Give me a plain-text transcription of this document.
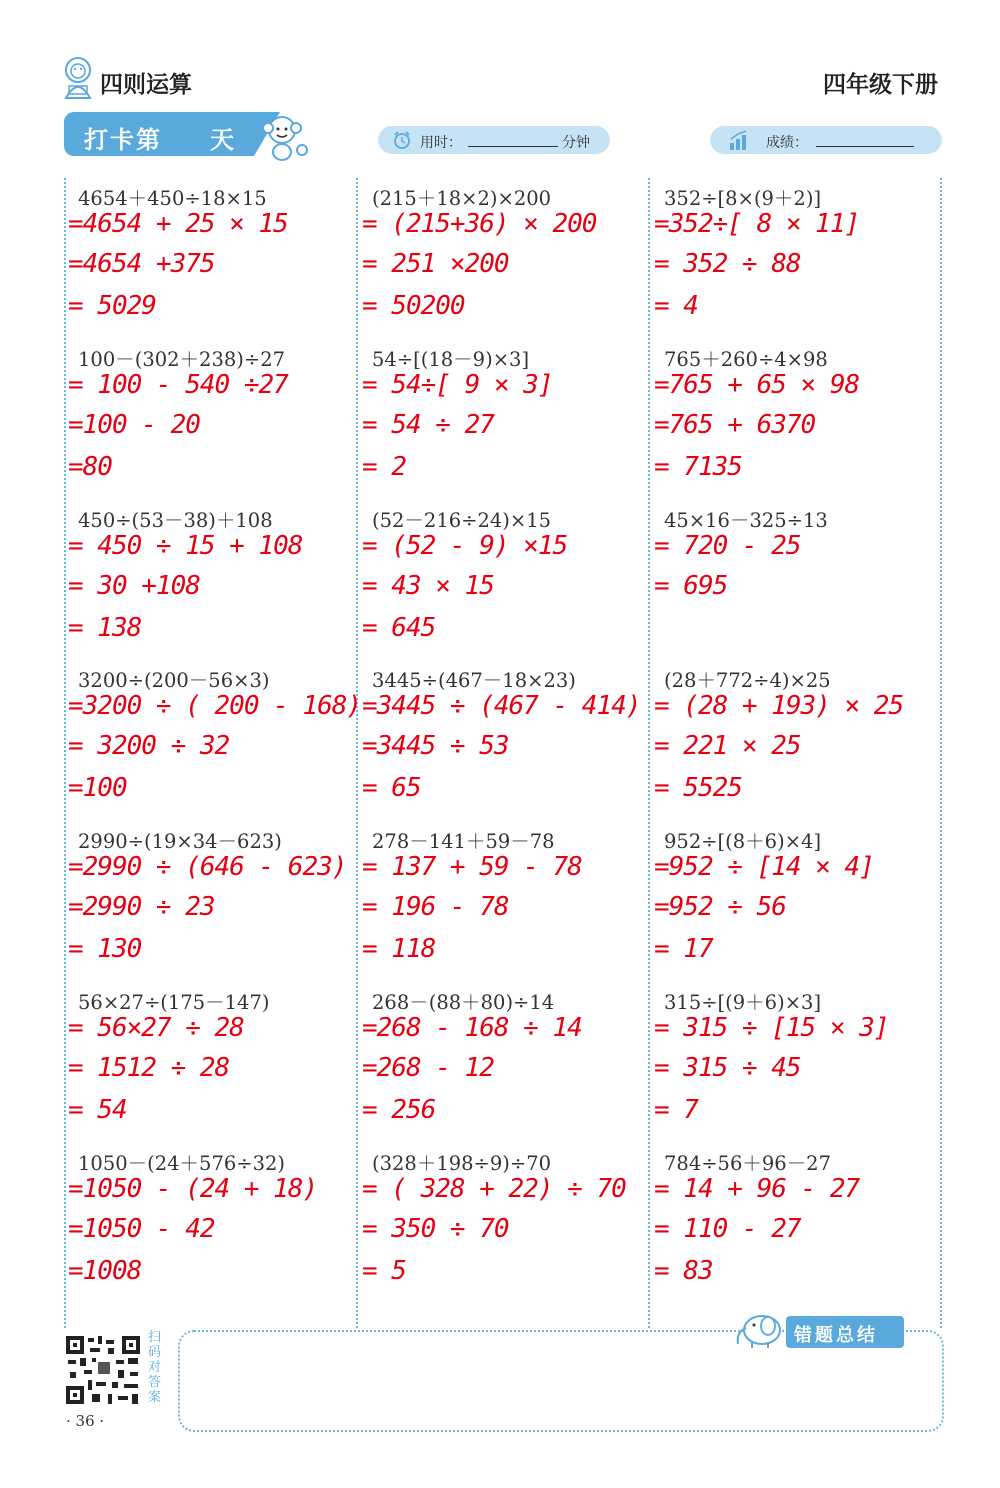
四则运算	四年级下册
打卡第 天	用时：	分钟	成绩：
4654＋450÷18×15
=4654 + 25 × 15
=4654 +375
= 5029
(215＋18×2)×200
= (215+36) × 200
= 251 ×200
= 50200
352÷[8×(9＋2)]
=352÷[ 8 × 11]
= 352 ÷ 88
= 4
100－(302＋238)÷27
= 100 - 540 ÷27
=100 - 20
=80
54÷[(18－9)×3]
= 54÷[ 9 × 3]
= 54 ÷ 27
= 2
765＋260÷4×98
=765 + 65 × 98
=765 + 6370
= 7135
450÷(53－38)＋108
= 450 ÷ 15 + 108
= 30 +108
= 138
(52－216÷24)×15
= (52 - 9) ×15
= 43 × 15
= 645
45×16－325÷13
= 720 - 25
= 695
3200÷(200－56×3)
=3200 ÷ ( 200 - 168)
= 3200 ÷ 32
=100
3445÷(467－18×23)
=3445 ÷ (467 - 414)
=3445 ÷ 53
= 65
(28＋772÷4)×25
= (28 + 193) × 25
= 221 × 25
= 5525
2990÷(19×34－623)
=2990 ÷ (646 - 623)
=2990 ÷ 23
= 130
278－141＋59－78
= 137 + 59 - 78
= 196 - 78
= 118
952÷[(8＋6)×4]
=952 ÷ [14 × 4]
=952 ÷ 56
= 17
56×27÷(175－147)
= 56×27 ÷ 28
= 1512 ÷ 28
= 54
268－(88＋80)÷14
=268 - 168 ÷ 14
=268 - 12
= 256
315÷[(9＋6)×3]
= 315 ÷ [15 × 3]
= 315 ÷ 45
= 7
1050－(24＋576÷32)
=1050 - (24 + 18)
=1050 - 42
=1008
(328＋198÷9)÷70
= ( 328 + 22) ÷ 70
= 350 ÷ 70
= 5
784÷56＋96－27
= 14 + 96 - 27
= 110 - 27
= 83
扫码对答案
· 36 ·
错题总结
